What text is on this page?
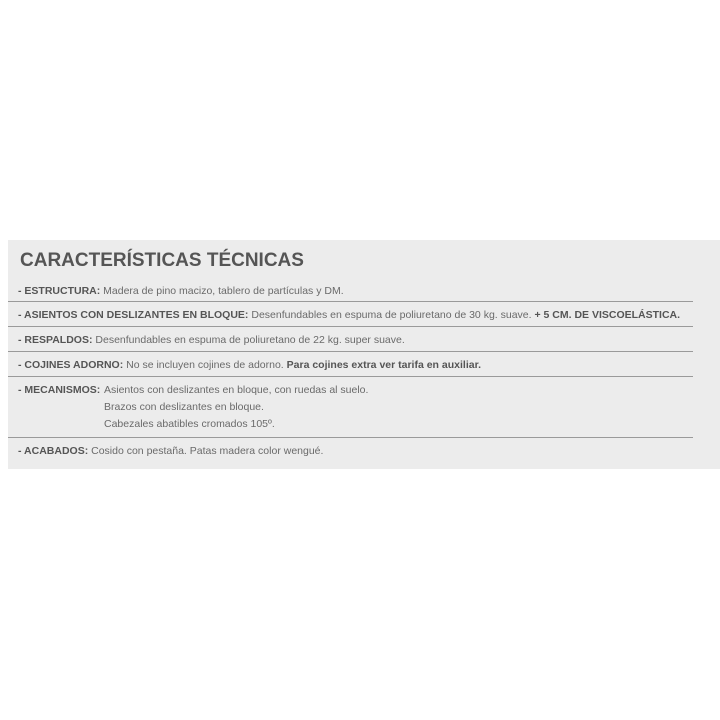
CARACTERÍSTICAS TÉCNICAS
- ESTRUCTURA: Madera de pino macizo, tablero de partículas y DM.
- ASIENTOS CON DESLIZANTES EN BLOQUE: Desenfundables en espuma de poliuretano de 30 kg. suave. + 5 CM. DE VISCOELÁSTICA.
- RESPALDOS: Desenfundables en espuma de poliuretano de 22 kg. super suave.
- COJINES ADORNO: No se incluyen cojines de adorno. Para cojines extra ver tarifa en auxiliar.
- MECANISMOS: Asientos con deslizantes en bloque, con ruedas al suelo.
Brazos con deslizantes en bloque.
Cabezales abatibles cromados 105º.
- ACABADOS: Cosido con pestaña. Patas madera color wengué.
